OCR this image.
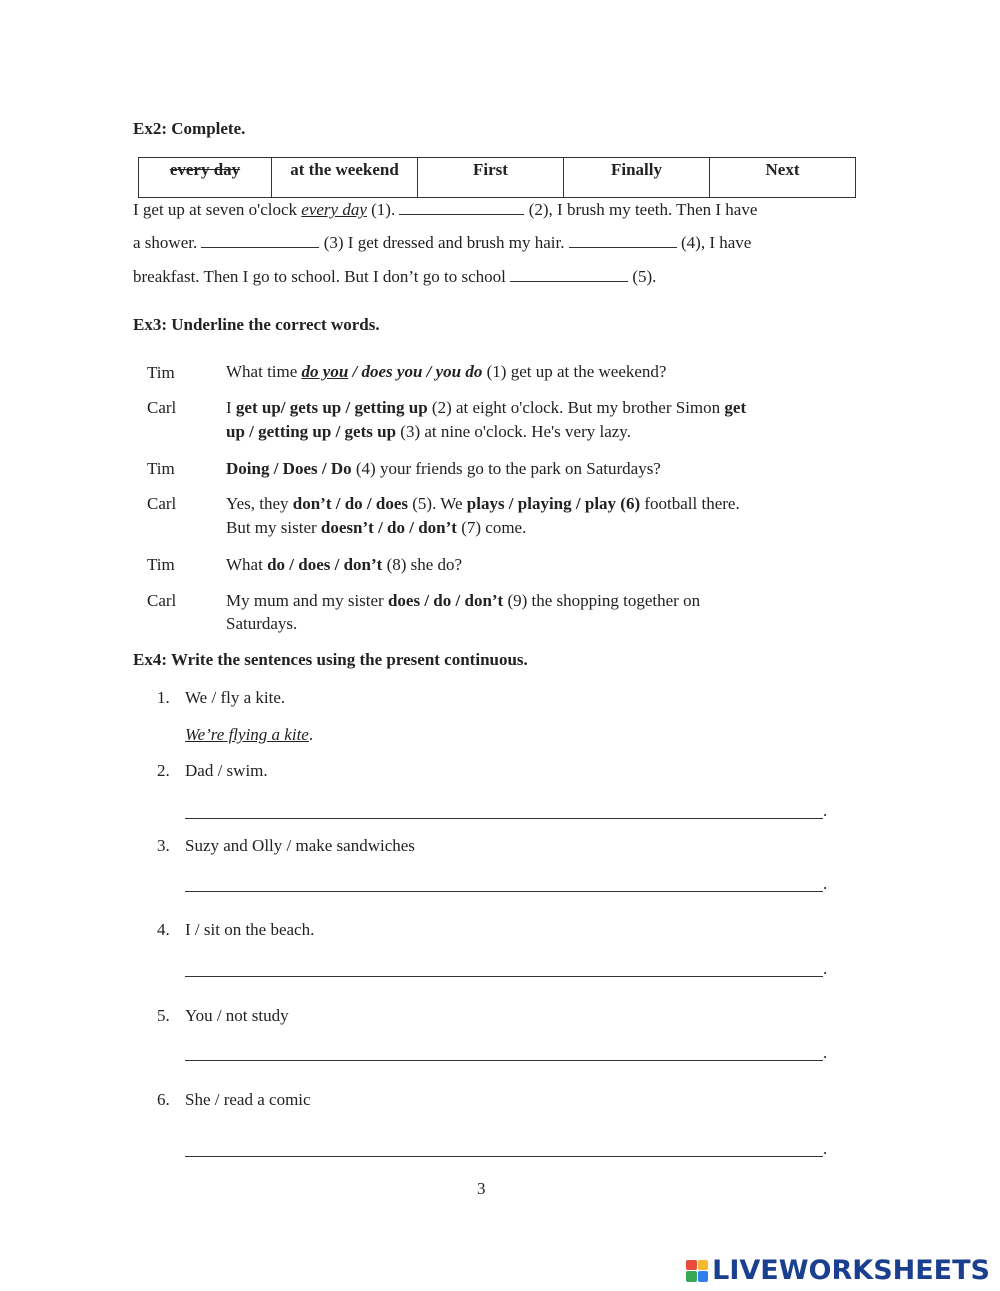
Ex2: Complete.
every day	at the weekend	First	Finally	Next
I get up at seven o'clock every day (1).	(2), I brush my teeth. Then I have
a shower.	(3) I get dressed and brush my hair.	(4), I have
breakfast. Then I go to school. But I don’t go to school	(5).
Ex3: Underline the correct words.
Tim	What time do you / does you / you do (1) get up at the weekend?
Carl	I get up/ gets up / getting up (2) at eight o'clock. But my brother Simon get
up / getting up / gets up (3) at nine o'clock. He's very lazy.
Tim	Doing / Does / Do (4) your friends go to the park on Saturdays?
Carl	Yes, they don’t / do / does (5). We plays / playing / play (6) football there.
But my sister doesn’t / do / don’t (7) come.
Tim	What do / does / don’t (8) she do?
Carl	My mum and my sister does / do / don’t (9) the shopping together on
Saturdays.
Ex4: Write the sentences using the present continuous.
1. We / fly a kite.
We’re flying a kite.
2. Dad / swim.
.
3. Suzy and Olly / make sandwiches
.
4. I / sit on the beach.
.
5. You / not study
.
6. She / read a comic
.
3
LIVEWORKSHEETS
